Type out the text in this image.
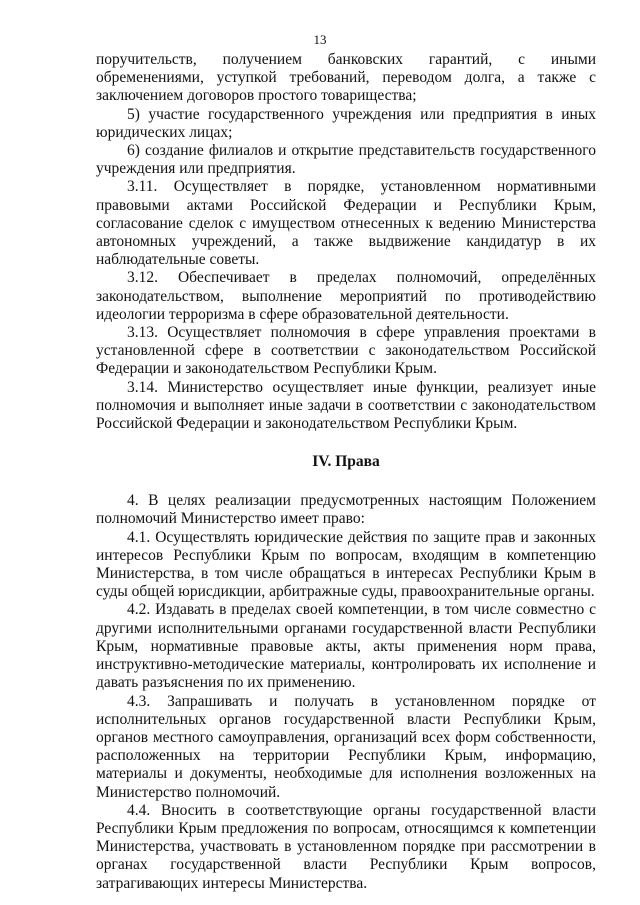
13

поручительств, получением банковских гарантий, с иными обременениями, уступкой требований, переводом долга, а также с заключением договоров простого товарищества;

5) участие государственного учреждения или предприятия в иных юридических лицах;

6) создание филиалов и открытие представительств государственного учреждения или предприятия.

3.11. Осуществляет в порядке, установленном нормативными правовыми актами Российской Федерации и Республики Крым, согласование сделок с имуществом отнесенных к ведению Министерства автономных учреждений, а также выдвижение кандидатур в их наблюдательные советы.

3.12. Обеспечивает в пределах полномочий, определённых законодательством, выполнение мероприятий по противодействию идеологии терроризма в сфере образовательной деятельности.

3.13. Осуществляет полномочия в сфере управления проектами в установленной сфере в соответствии с законодательством Российской Федерации и законодательством Республики Крым.

3.14. Министерство осуществляет иные функции, реализует иные полномочия и выполняет иные задачи в соответствии с законодательством Российской Федерации и законодательством Республики Крым.

IV. Права

4. В целях реализации предусмотренных настоящим Положением полномочий Министерство имеет право:

4.1. Осуществлять юридические действия по защите прав и законных интересов Республики Крым по вопросам, входящим в компетенцию Министерства, в том числе обращаться в интересах Республики Крым в суды общей юрисдикции, арбитражные суды, правоохранительные органы.

4.2. Издавать в пределах своей компетенции, в том числе совместно с другими исполнительными органами государственной власти Республики Крым, нормативные правовые акты, акты применения норм права, инструктивно-методические материалы, контролировать их исполнение и давать разъяснения по их применению.

4.3. Запрашивать и получать в установленном порядке от исполнительных органов государственной власти Республики Крым, органов местного самоуправления, организаций всех форм собственности, расположенных на территории Республики Крым, информацию, материалы и документы, необходимые для исполнения возложенных на Министерство полномочий.

4.4. Вносить в соответствующие органы государственной власти Республики Крым предложения по вопросам, относящимся к компетенции Министерства, участвовать в установленном порядке при рассмотрении в органах государственной власти Республики Крым вопросов, затрагивающих интересы Министерства.
